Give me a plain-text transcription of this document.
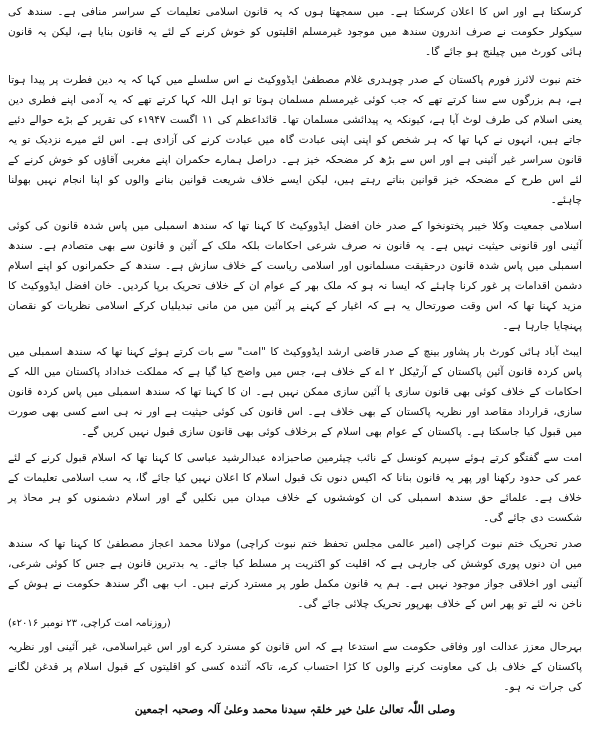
کرسکتا ہے اور اس کا اعلان کرسکتا ہے۔ میں سمجھتا ہوں کہ یہ قانون اسلامی تعلیمات کے سراسر منافی ہے۔ سندھ کی سیکولر حکومت نے صرف اندرون سندھ میں موجود غیرمسلم اقلیتوں کو خوش کرنے کے لئے یہ قانون بنایا ہے، لیکن یہ قانون ہائی کورٹ میں چیلنج ہو جائے گا۔

ختم نبوت لائرز فورم پاکستان کے صدر چوہدری غلام مصطفیٰ ایڈووکیٹ نے اس سلسلے میں کہا کہ یہ دین فطرت پر پیدا ہوتا ہے، ہم بزرگوں سے سنا کرتے تھے کہ جب کوئی غیرمسلم مسلمان ہوتا تو اہل اللہ کہا کرتے تھے کہ یہ آدمی اپنے فطری دین یعنی اسلام کی طرف لوٹ آیا ہے، کیونکہ یہ پیدائشی مسلمان تھا۔ قائداعظم کی ۱۱ اگست ۱۹۴۷ء کی تقریر کے بڑے حوالے دئیے جاتے ہیں، انہوں نے کہا تھا کہ ہر شخص کو اپنی اپنی عبادت گاہ میں عبادت کرنے کی آزادی ہے۔ اس لئے میرے نزدیک تو یہ قانون سراسر غیر آئینی ہے اور اس سے بڑھ کر مضحکہ خیز ہے۔ دراصل ہمارے حکمران اپنے مغربی آقاؤں کو خوش کرنے کے لئے اس طرح کے مضحکہ خیز قوانین بناتے رہتے ہیں، لیکن ایسے خلاف شریعت قوانین بنانے والوں کو اپنا انجام نہیں بھولنا چاہئے۔

اسلامی جمعیت وکلا خیبر پختونخوا کے صدر خان افضل ایڈووکیٹ کا کہنا تھا کہ سندھ اسمبلی میں پاس شدہ قانون کی کوئی آئینی اور قانونی حیثیت نہیں ہے۔ یہ قانون نہ صرف شرعی احکامات بلکہ ملک کے آئین و قانون سے بھی متصادم ہے۔ سندھ اسمبلی میں پاس شدہ قانون درحقیقت مسلمانوں اور اسلامی ریاست کے خلاف سازش ہے۔ سندھ کے حکمرانوں کو اپنے اسلام دشمن اقدامات پر غور کرنا چاہئے کہ ایسا نہ ہو کہ ملک بھر کے عوام ان کے خلاف تحریک برپا کردیں۔ خان افضل ایڈووکیٹ کا مزید کہنا تھا کہ اس وقت صورتحال یہ ہے کہ اغیار کے کہنے پر آئین میں من مانی تبدیلیاں کرکے اسلامی نظریات کو نقصان پہنچایا جارہا ہے۔

ایبٹ آباد ہائی کورٹ بار پشاور بینچ کے صدر قاضی ارشد ایڈووکیٹ کا "امت" سے بات کرتے ہوئے کہنا تھا کہ سندھ اسمبلی میں پاس کردہ قانون آئین پاکستان کے آرٹیکل ۲ اے کے خلاف ہے، جس میں واضح کیا گیا ہے کہ مملکت خداداد پاکستان میں اللہ کے احکامات کے خلاف کوئی بھی قانون سازی یا آئین سازی ممکن نہیں ہے۔ ان کا کہنا تھا کہ سندھ اسمبلی میں پاس کردہ قانون سازی، قرارداد مقاصد اور نظریہ پاکستان کے بھی خلاف ہے۔ اس قانون کی کوئی حیثیت ہے اور نہ ہی اسے کسی بھی صورت میں قبول کیا جاسکتا ہے۔ پاکستان کے عوام بھی اسلام کے برخلاف کوئی بھی قانون سازی قبول نہیں کریں گے۔

امت سے گفتگو کرتے ہوئے سپریم کونسل کے نائب چیئرمین صاحبزادہ عبدالرشید عباسی کا کہنا تھا کہ اسلام قبول کرنے کے لئے عمر کی حدود رکھنا اور پھر یہ قانون بنانا کہ اکیس دنوں تک قبول اسلام کا اعلان نہیں کیا جائے گا، یہ سب اسلامی تعلیمات کے خلاف ہے۔ علمائے حق سندھ اسمبلی کی ان کوششوں کے خلاف میدان میں نکلیں گے اور اسلام دشمنوں کو ہر محاذ پر شکست دی جائے گی۔

صدر تحریک ختم نبوت کراچی (امیر عالمی مجلس تحفظ ختم نبوت کراچی) مولانا محمد اعجاز مصطفیٰ کا کہنا تھا کہ سندھ میں ان دنوں پوری کوشش کی جارہی ہے کہ اقلیت کو اکثریت پر مسلط کیا جائے۔ یہ بدترین قانون ہے جس کا کوئی شرعی، آئینی اور اخلاقی جواز موجود نہیں ہے۔ ہم یہ قانون مکمل طور پر مسترد کرتے ہیں۔ اب بھی اگر سندھ حکومت نے ہوش کے ناخن نہ لئے تو پھر اس کے خلاف بھرپور تحریک چلائی جائے گی۔

(روزنامہ امت کراچی، ۲۳ نومبر ۲۰۱۶ء)

بہرحال معزز عدالت اور وفاقی حکومت سے استدعا ہے کہ اس قانون کو مسترد کرے اور اس غیراسلامی، غیر آئینی اور نظریہ پاکستان کے خلاف بل کی معاونت کرنے والوں کا کڑا احتساب کرے، تاکہ آئندہ کسی کو اقلیتوں کے قبول اسلام پر قدغن لگانے کی جرات نہ ہو۔

وصلی اللّٰہ تعالیٰ علیٰ خیر خلقہٖ سیدنا محمد وعلیٰ آلہ وصحبہ اجمعین
